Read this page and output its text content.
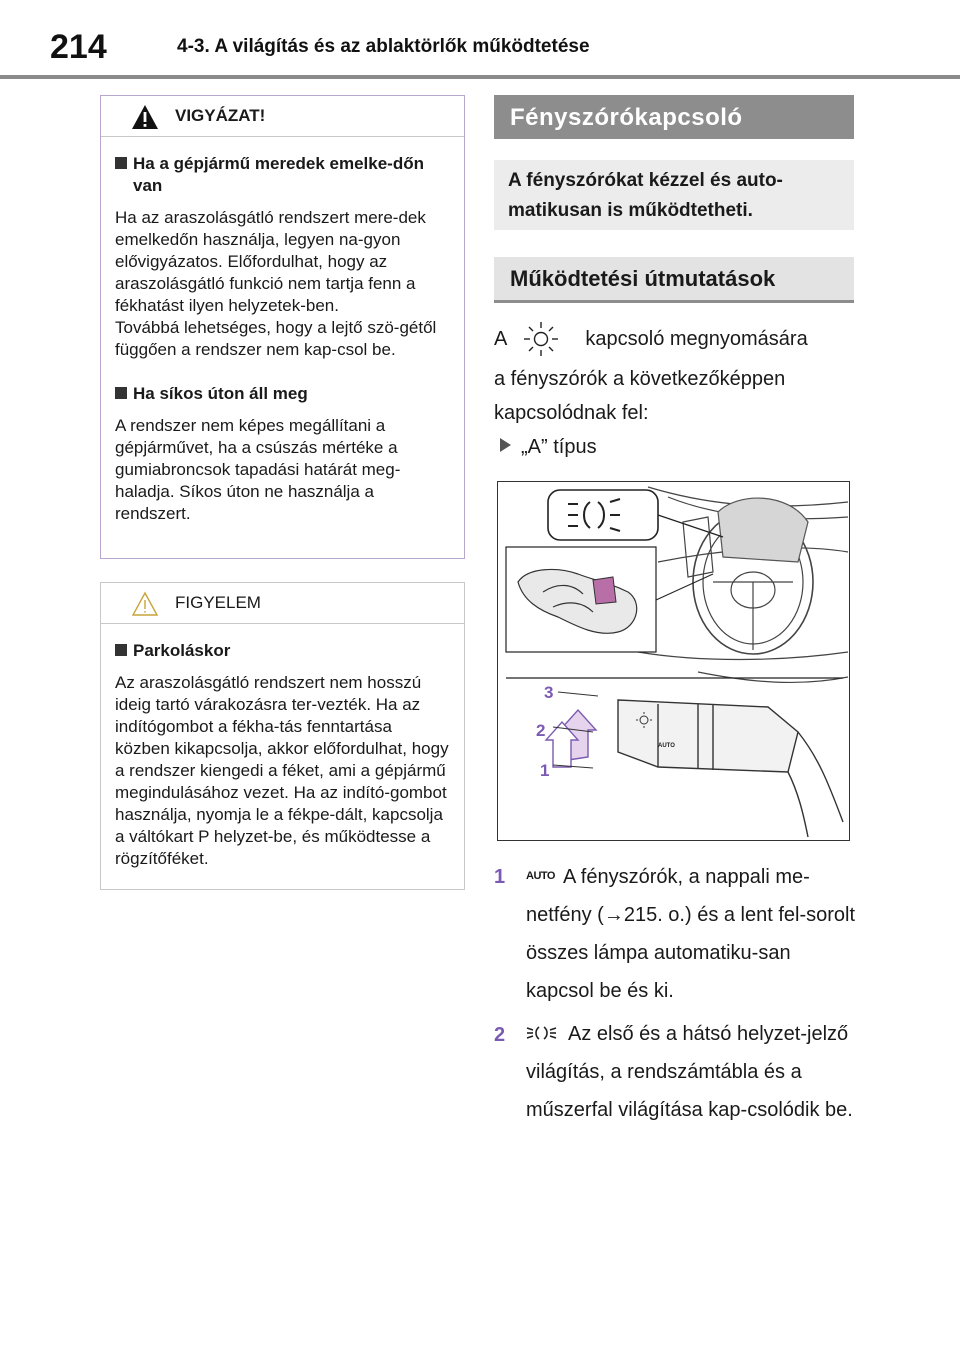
214	4-3. A világítás és az ablaktörlők működtetése
VIGYÁZAT!
Ha a gépjármű meredek emelke-dőn van
Ha az araszolásgátló rendszert mere-dek emelkedőn használja, legyen na-gyon elővigyázatos. Előfordulhat, hogy az araszolásgátló funkció nem tartja fenn a fékhatást ilyen helyzetek-ben.
Továbbá lehetséges, hogy a lejtő szö-gétől függően a rendszer nem kap-csol be.
Ha síkos úton áll meg
A rendszer nem képes megállítani a gépjárművet, ha a csúszás mértéke a gumiabroncsok tapadási határát meg-haladja. Síkos úton ne használja a rendszert.
FIGYELEM
Parkoláskor
Az araszolásgátló rendszert nem hosszú ideig tartó várakozásra ter-vezték. Ha az indítógombot a fékha-tás fenntartása közben kikapcsolja, akkor előfordulhat, hogy a rendszer kiengedi a féket, ami a gépjármű megindulásához vezet. Ha az indító-gombot használja, nyomja le a fékpe-dált, kapcsolja a váltókart P helyzet-be, és működtesse a rögzítőféket.
Fényszórókapcsoló
A fényszórókat kézzel és auto-matikusan is működtetheti.
Működtetési útmutatások
A	kapcsoló megnyomására
a fényszórók a következőképpen
kapcsolódnak fel:
„A” típus
AUTO
3
2
1
1 $^{AUTO}$ A fényszórók, a nappali me-netfény (→215. o.) és a lent fel-sorolt összes lámpa automatiku-san kapcsol be és ki.
2	Az első és a hátsó helyzet-jelző világítás, a rendszámtábla és a műszerfal világítása kap-csolódik be.
